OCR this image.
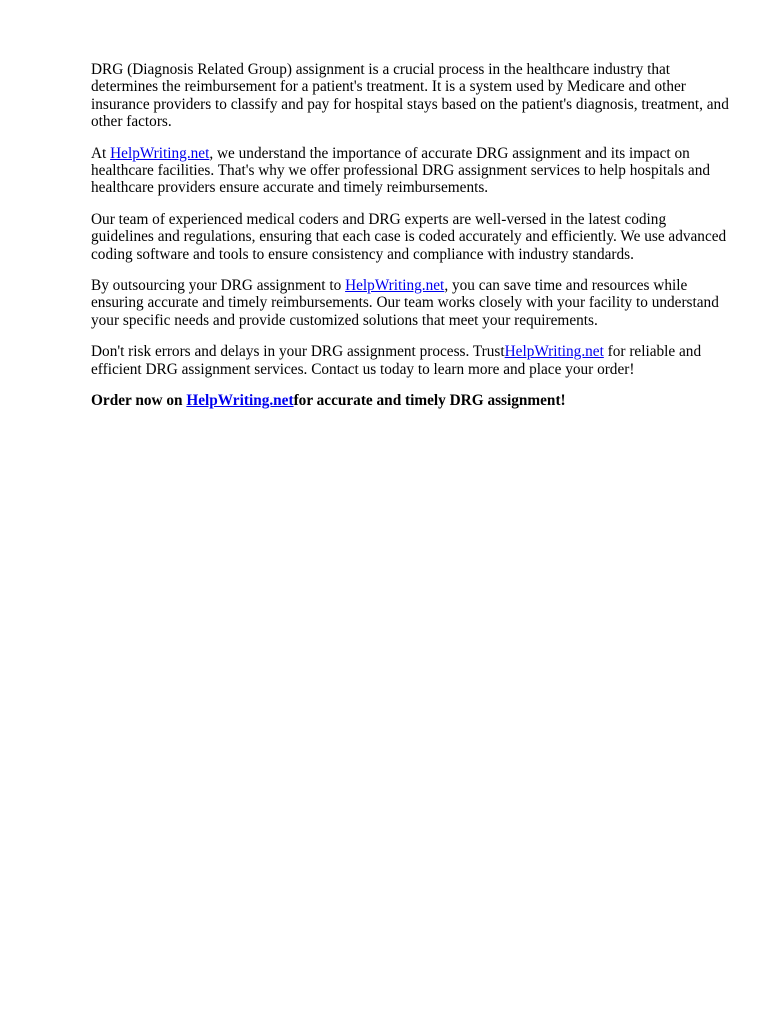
DRG (Diagnosis Related Group) assignment is a crucial process in the healthcare industry that determines the reimbursement for a patient's treatment. It is a system used by Medicare and other insurance providers to classify and pay for hospital stays based on the patient's diagnosis, treatment, and other factors.

At HelpWriting.net, we understand the importance of accurate DRG assignment and its impact on healthcare facilities. That's why we offer professional DRG assignment services to help hospitals and healthcare providers ensure accurate and timely reimbursements.

Our team of experienced medical coders and DRG experts are well-versed in the latest coding guidelines and regulations, ensuring that each case is coded accurately and efficiently. We use advanced coding software and tools to ensure consistency and compliance with industry standards.

By outsourcing your DRG assignment to HelpWriting.net, you can save time and resources while ensuring accurate and timely reimbursements. Our team works closely with your facility to understand your specific needs and provide customized solutions that meet your requirements.

Don't risk errors and delays in your DRG assignment process. TrustHelpWriting.net for reliable and efficient DRG assignment services. Contact us today to learn more and place your order!

Order now on HelpWriting.netfor accurate and timely DRG assignment!
